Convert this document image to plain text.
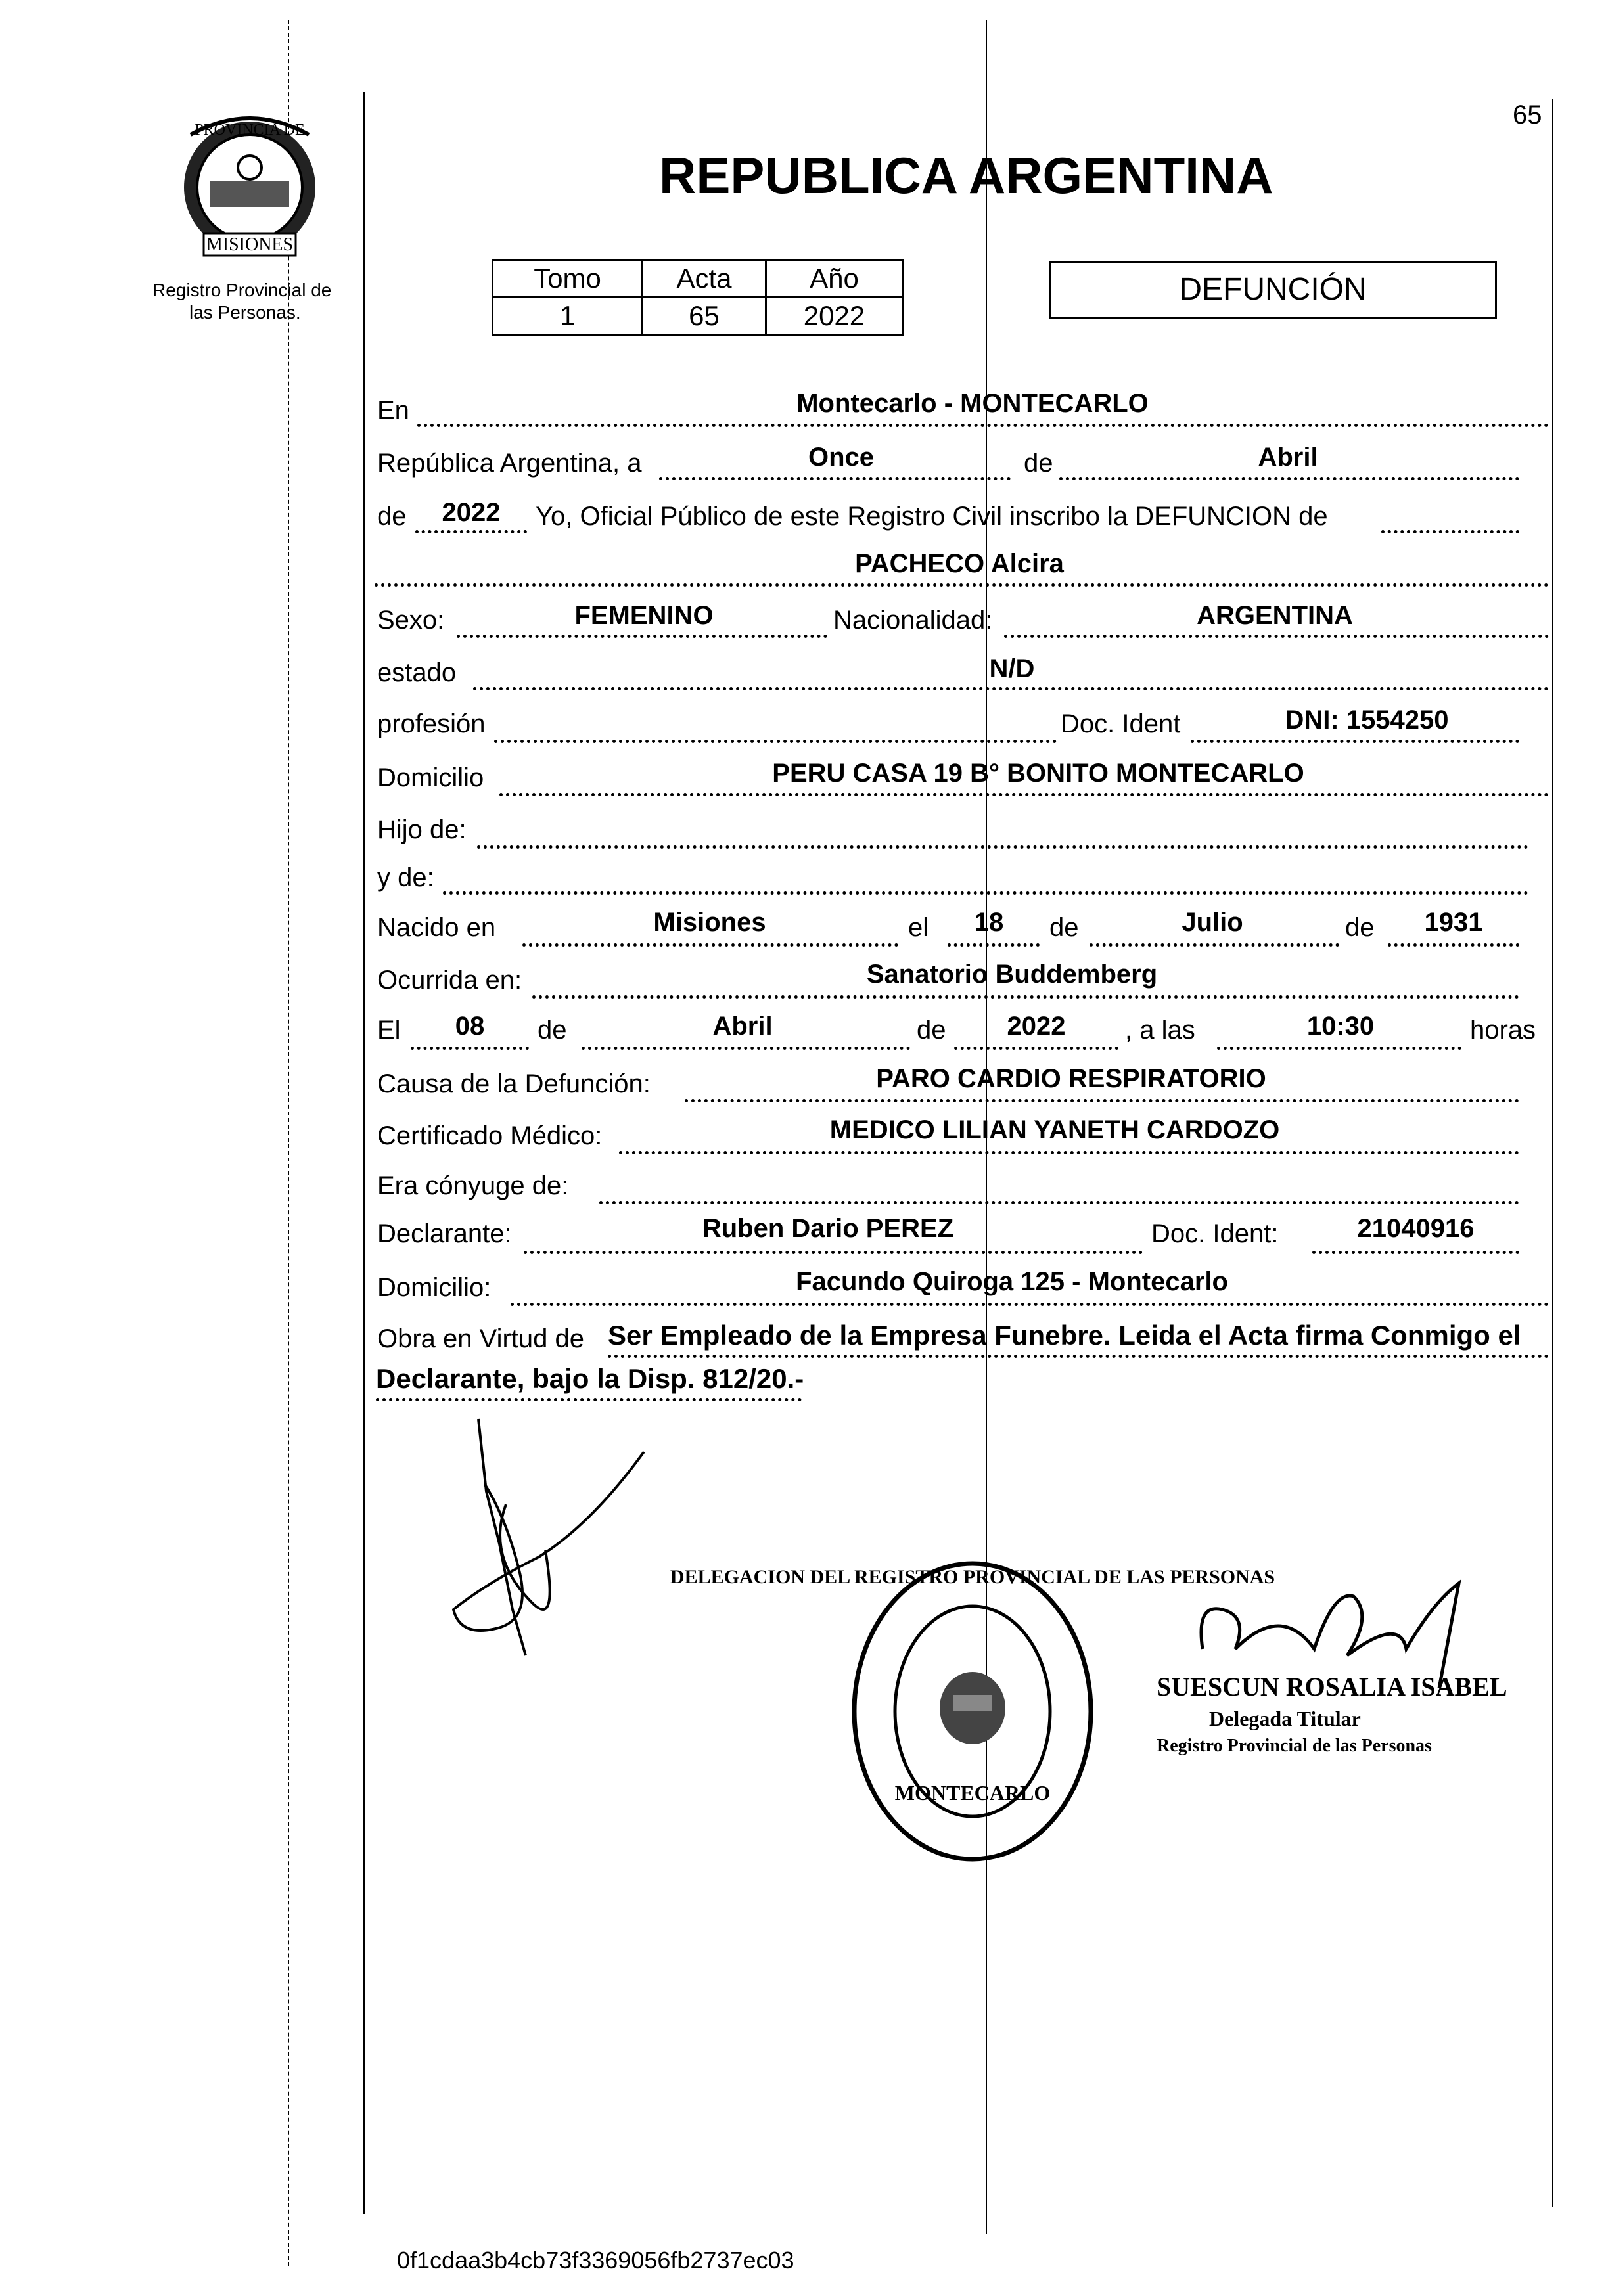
65
PROVINCIA DE
MISIONES
Registro Provincial de
las Personas.
REPUBLICA ARGENTINA
Tomo	Acta	Año
1	65	2022
DEFUNCIÓN
En	Montecarlo - MONTECARLO
República Argentina, a	Once	de	Abril
de	2022	Yo, Oficial Público de este Registro Civil inscribo la DEFUNCION de
PACHECO Alcira
Sexo:	FEMENINO	Nacionalidad:	ARGENTINA
estado	N/D
profesión	Doc. Ident	DNI: 1554250
Domicilio	PERU CASA 19 B° BONITO MONTECARLO
Hijo de:
y de:
Nacido en	Misiones	el	18	de	Julio	de	1931
Ocurrida en:	Sanatorio Buddemberg
El	08	de	Abril	de	2022	, a las	10:30	horas
Causa de la Defunción:	PARO CARDIO RESPIRATORIO
Certificado Médico:	MEDICO LILIAN YANETH CARDOZO
Era cónyuge de:
Declarante:	Ruben Dario PEREZ	Doc. Ident:	21040916
Domicilio:	Facundo Quiroga 125 - Montecarlo
Obra en Virtud de Ser Empleado de la Empresa Funebre. Leida el Acta firma Conmigo el
Declarante, bajo la Disp. 812/20.-
DELEGACION DEL REGISTRO PROVINCIAL DE LAS PERSONAS
MONTECARLO
SUESCUN ROSALIA ISABEL
Delegada Titular
Registro Provincial de las Personas
0f1cdaa3b4cb73f3369056fb2737ec03
